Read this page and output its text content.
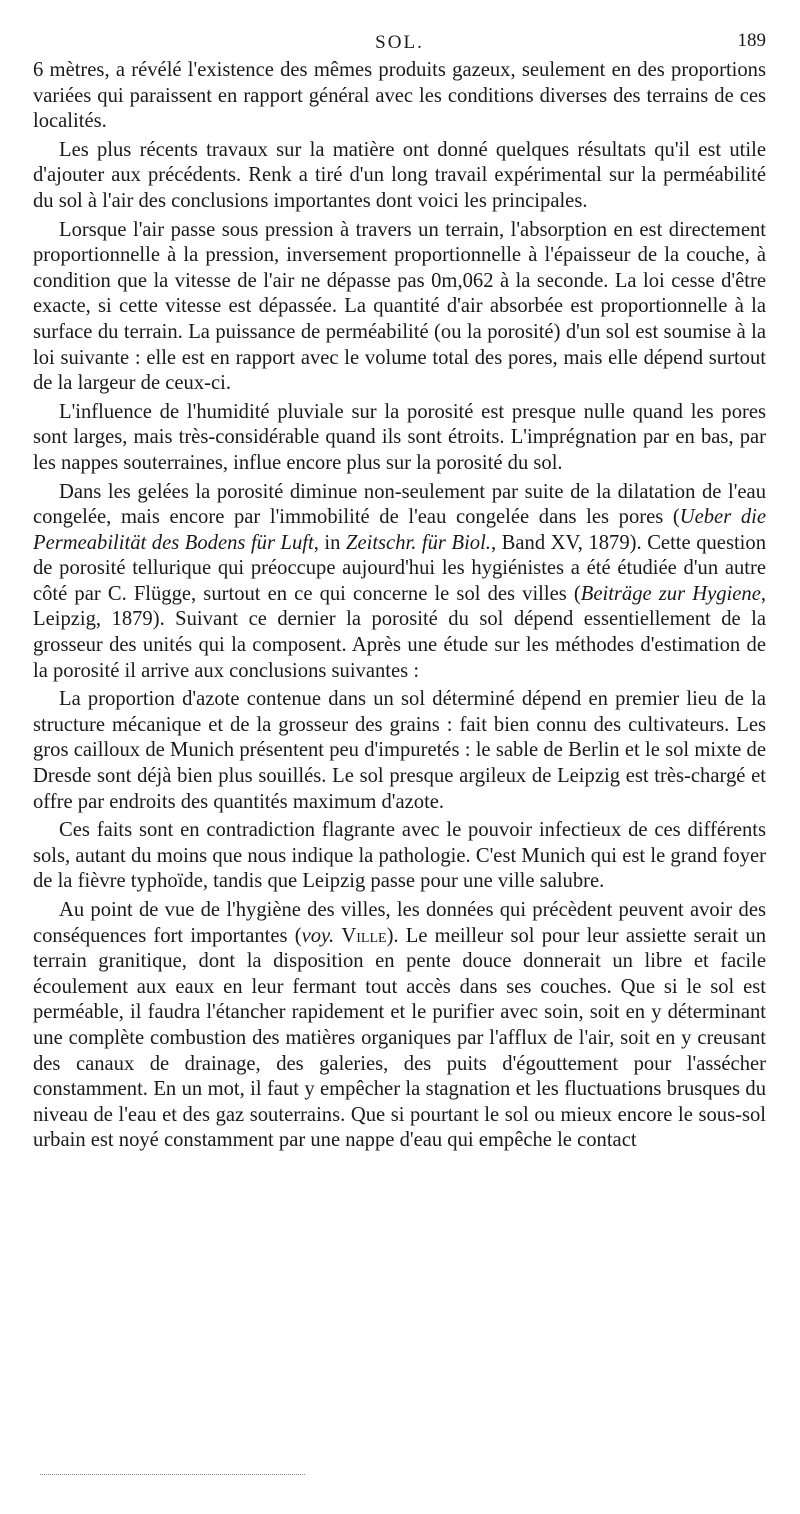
SOL.	189

6 mètres, a révélé l'existence des mêmes produits gazeux, seulement en des proportions variées qui paraissent en rapport général avec les conditions diverses des terrains de ces localités.

Les plus récents travaux sur la matière ont donné quelques résultats qu'il est utile d'ajouter aux précédents. Renk a tiré d'un long travail expérimental sur la perméabilité du sol à l'air des conclusions importantes dont voici les principales.

Lorsque l'air passe sous pression à travers un terrain, l'absorption en est directement proportionnelle à la pression, inversement proportionnelle à l'épaisseur de la couche, à condition que la vitesse de l'air ne dépasse pas 0m,062 à la seconde. La loi cesse d'être exacte, si cette vitesse est dépassée. La quantité d'air absorbée est proportionnelle à la surface du terrain. La puissance de perméabilité (ou la porosité) d'un sol est soumise à la loi suivante : elle est en rapport avec le volume total des pores, mais elle dépend surtout de la largeur de ceux-ci.

L'influence de l'humidité pluviale sur la porosité est presque nulle quand les pores sont larges, mais très-considérable quand ils sont étroits. L'imprégnation par en bas, par les nappes souterraines, influe encore plus sur la porosité du sol.

Dans les gelées la porosité diminue non-seulement par suite de la dilatation de l'eau congelée, mais encore par l'immobilité de l'eau congelée dans les pores (Ueber die Permeabilität des Bodens für Luft, in Zeitschr. für Biol., Band XV, 1879). Cette question de porosité tellurique qui préoccupe aujourd'hui les hygiénistes a été étudiée d'un autre côté par C. Flügge, surtout en ce qui concerne le sol des villes (Beiträge zur Hygiene, Leipzig, 1879). Suivant ce dernier la porosité du sol dépend essentiellement de la grosseur des unités qui la composent. Après une étude sur les méthodes d'estimation de la porosité il arrive aux conclusions suivantes :

La proportion d'azote contenue dans un sol déterminé dépend en premier lieu de la structure mécanique et de la grosseur des grains : fait bien connu des cultivateurs. Les gros cailloux de Munich présentent peu d'impuretés : le sable de Berlin et le sol mixte de Dresde sont déjà bien plus souillés. Le sol presque argileux de Leipzig est très-chargé et offre par endroits des quantités maximum d'azote.

Ces faits sont en contradiction flagrante avec le pouvoir infectieux de ces différents sols, autant du moins que nous indique la pathologie. C'est Munich qui est le grand foyer de la fièvre typhoïde, tandis que Leipzig passe pour une ville salubre.

Au point de vue de l'hygiène des villes, les données qui précèdent peuvent avoir des conséquences fort importantes (voy. Ville). Le meilleur sol pour leur assiette serait un terrain granitique, dont la disposition en pente douce donnerait un libre et facile écoulement aux eaux en leur fermant tout accès dans ses couches. Que si le sol est perméable, il faudra l'étancher rapidement et le purifier avec soin, soit en y déterminant une complète combustion des matières organiques par l'afflux de l'air, soit en y creusant des canaux de drainage, des galeries, des puits d'égouttement pour l'assécher constamment. En un mot, il faut y empêcher la stagnation et les fluctuations brusques du niveau de l'eau et des gaz souterrains. Que si pourtant le sol ou mieux encore le sous-sol urbain est noyé constamment par une nappe d'eau qui empêche le contact
